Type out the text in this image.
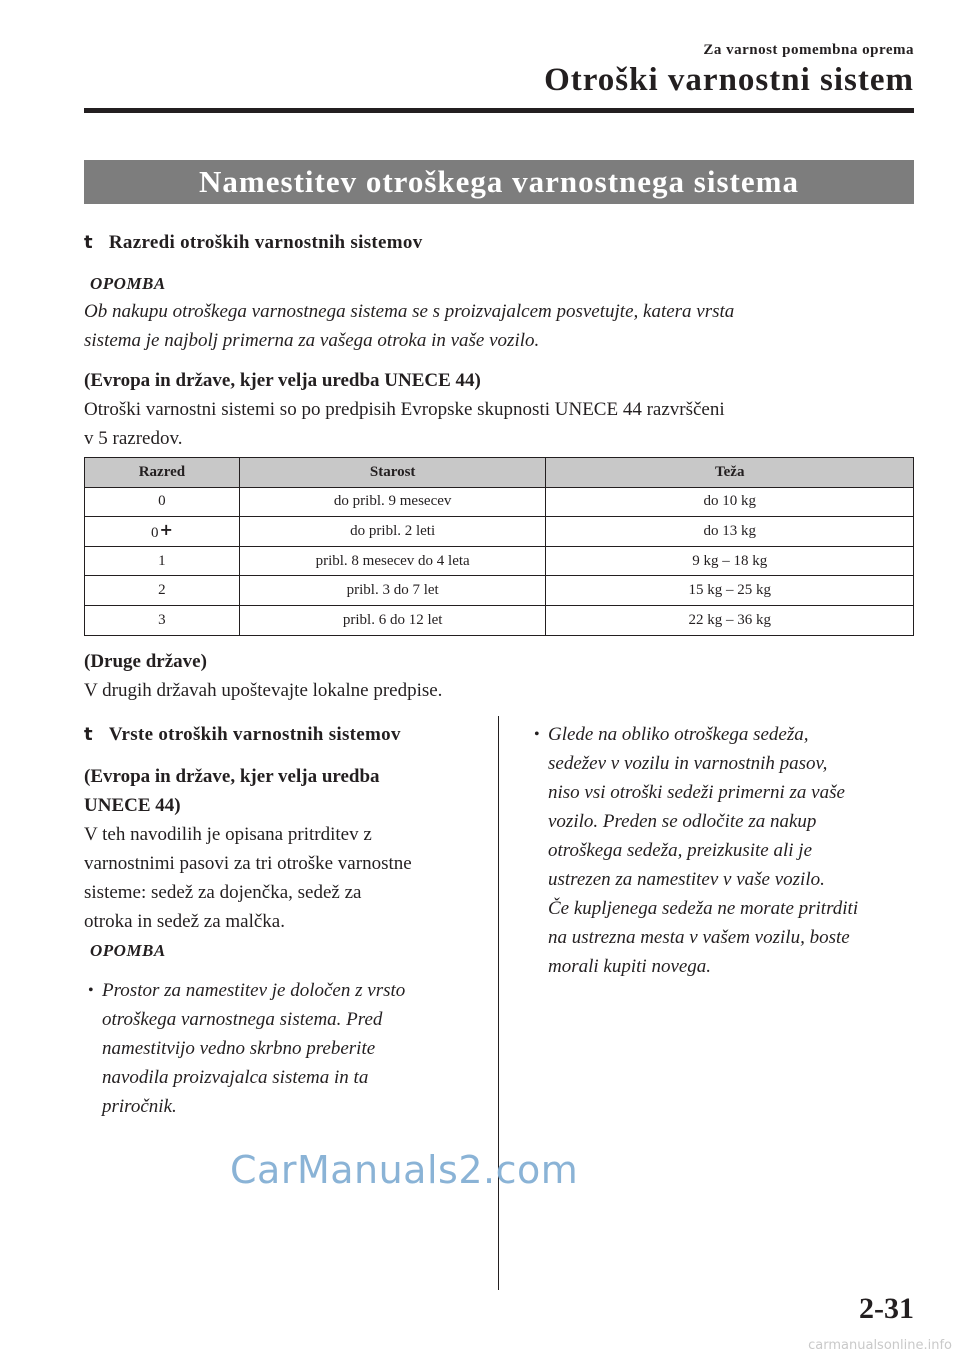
Za varnost pomembna oprema
Otroški varnostni sistem
Namestitev otroškega varnostnega sistema
t Razredi otroških varnostnih sistemov
OPOMBA
Ob nakupu otroškega varnostnega sistema se s proizvajalcem posvetujte, katera vrsta
sistema je najbolj primerna za vašega otroka in vaše vozilo.
(Evropa in države, kjer velja uredba UNECE 44)
Otroški varnostni sistemi so po predpisih Evropske skupnosti UNECE 44 razvrščeni
v 5 razredov.
Razred	Starost	Teža
0	do pribl. 9 mesecev	do 10 kg
0+	do pribl. 2 leti	do 13 kg
1	pribl. 8 mesecev do 4 leta	9 kg – 18 kg
2	pribl. 3 do 7 let	15 kg – 25 kg
3	pribl. 6 do 12 let	22 kg – 36 kg
(Druge države)
V drugih državah upoštevajte lokalne predpise.
t Vrste otroških varnostnih sistemov
(Evropa in države, kjer velja uredba
UNECE 44)
V teh navodilih je opisana pritrditev z
varnostnimi pasovi za tri otroške varnostne
sisteme: sedež za dojenčka, sedež za
otroka in sedež za malčka.
OPOMBA
• Prostor za namestitev je določen z vrsto
otroškega varnostnega sistema. Pred
namestitvijo vedno skrbno preberite
navodila proizvajalca sistema in ta
priročnik.
• Glede na obliko otroškega sedeža,
sedežev v vozilu in varnostnih pasov,
niso vsi otroški sedeži primerni za vaše
vozilo. Preden se odločite za nakup
otroškega sedeža, preizkusite ali je
ustrezen za namestitev v vaše vozilo.
Če kupljenega sedeža ne morate pritrditi
na ustrezna mesta v vašem vozilu, boste
morali kupiti novega.
CarManuals2.com
2-31
carmanualsonline.info
